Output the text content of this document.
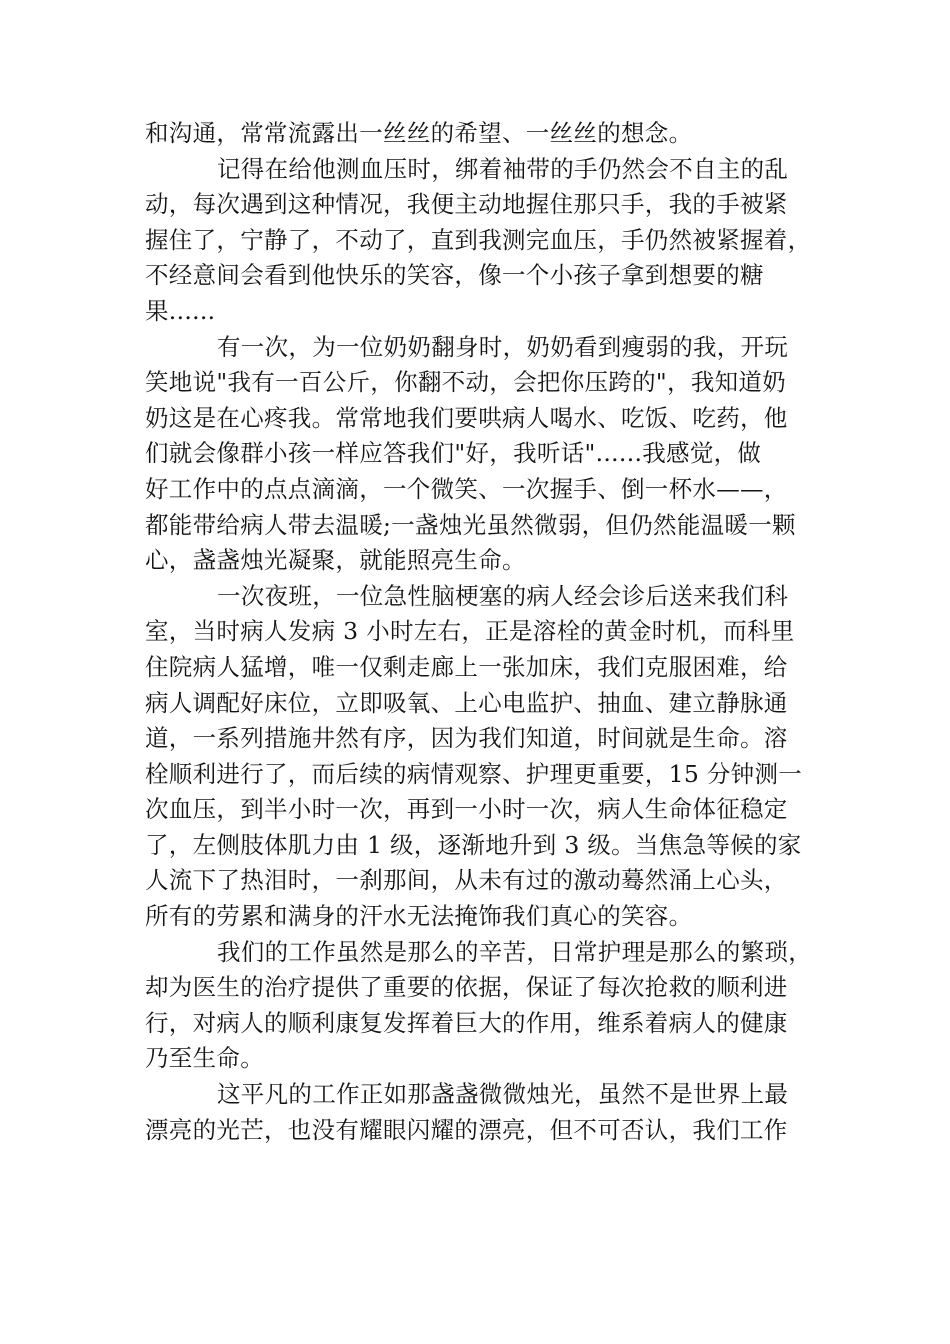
和沟通，常常流露出一丝丝的希望、一丝丝的想念。
记得在给他测血压时，绑着袖带的手仍然会不自主的乱
动，每次遇到这种情况，我便主动地握住那只手，我的手被紧
握住了，宁静了，不动了，直到我测完血压，手仍然被紧握着，
不经意间会看到他快乐的笑容，像一个小孩子拿到想要的糖
果......
有一次，为一位奶奶翻身时，奶奶看到瘦弱的我，开玩
笑地说"我有一百公斤，你翻不动，会把你压跨的"，我知道奶
奶这是在心疼我。常常地我们要哄病人喝水、吃饭、吃药，他
们就会像群小孩一样应答我们"好，我听话"......我感觉，做
好工作中的点点滴滴，一个微笑、一次握手、倒一杯水——，
都能带给病人带去温暖;一盏烛光虽然微弱，但仍然能温暖一颗
心，盏盏烛光凝聚，就能照亮生命。
一次夜班，一位急性脑梗塞的病人经会诊后送来我们科
室，当时病人发病 3 小时左右，正是溶栓的黄金时机，而科里
住院病人猛增，唯一仅剩走廊上一张加床，我们克服困难，给
病人调配好床位，立即吸氧、上心电监护、抽血、建立静脉通
道，一系列措施井然有序，因为我们知道，时间就是生命。溶
栓顺利进行了，而后续的病情观察、护理更重要，15 分钟测一
次血压，到半小时一次，再到一小时一次，病人生命体征稳定
了，左侧肢体肌力由 1 级，逐渐地升到 3 级。当焦急等候的家
人流下了热泪时，一刹那间，从未有过的激动蓦然涌上心头，
所有的劳累和满身的汗水无法掩饰我们真心的笑容。
我们的工作虽然是那么的辛苦，日常护理是那么的繁琐，
却为医生的治疗提供了重要的依据，保证了每次抢救的顺利进
行，对病人的顺利康复发挥着巨大的作用，维系着病人的健康
乃至生命。
这平凡的工作正如那盏盏微微烛光，虽然不是世界上最
漂亮的光芒，也没有耀眼闪耀的漂亮，但不可否认，我们工作
